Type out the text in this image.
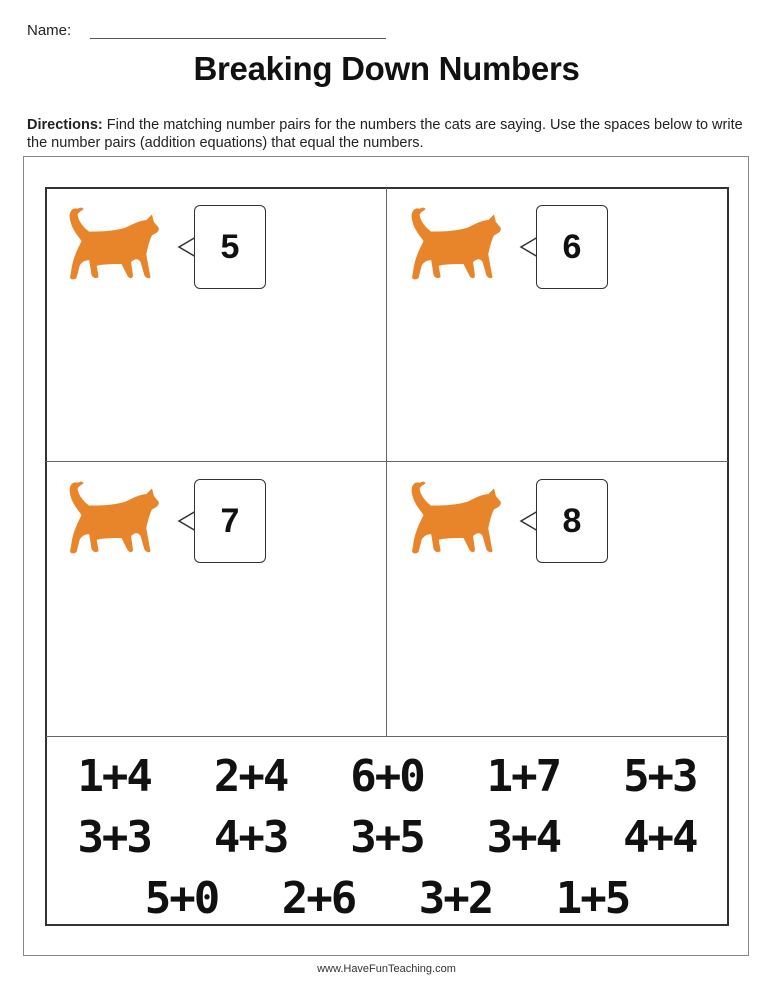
Name:
Breaking Down Numbers
Directions: Find the matching number pairs for the numbers the cats are saying. Use the spaces below to write the number pairs (addition equations) that equal the numbers.
5	6
7	8
1+4	2+4	6+0	1+7	5+3
3+3	4+3	3+5	3+4	4+4
5+0	2+6	3+2	1+5
www.HaveFunTeaching.com
